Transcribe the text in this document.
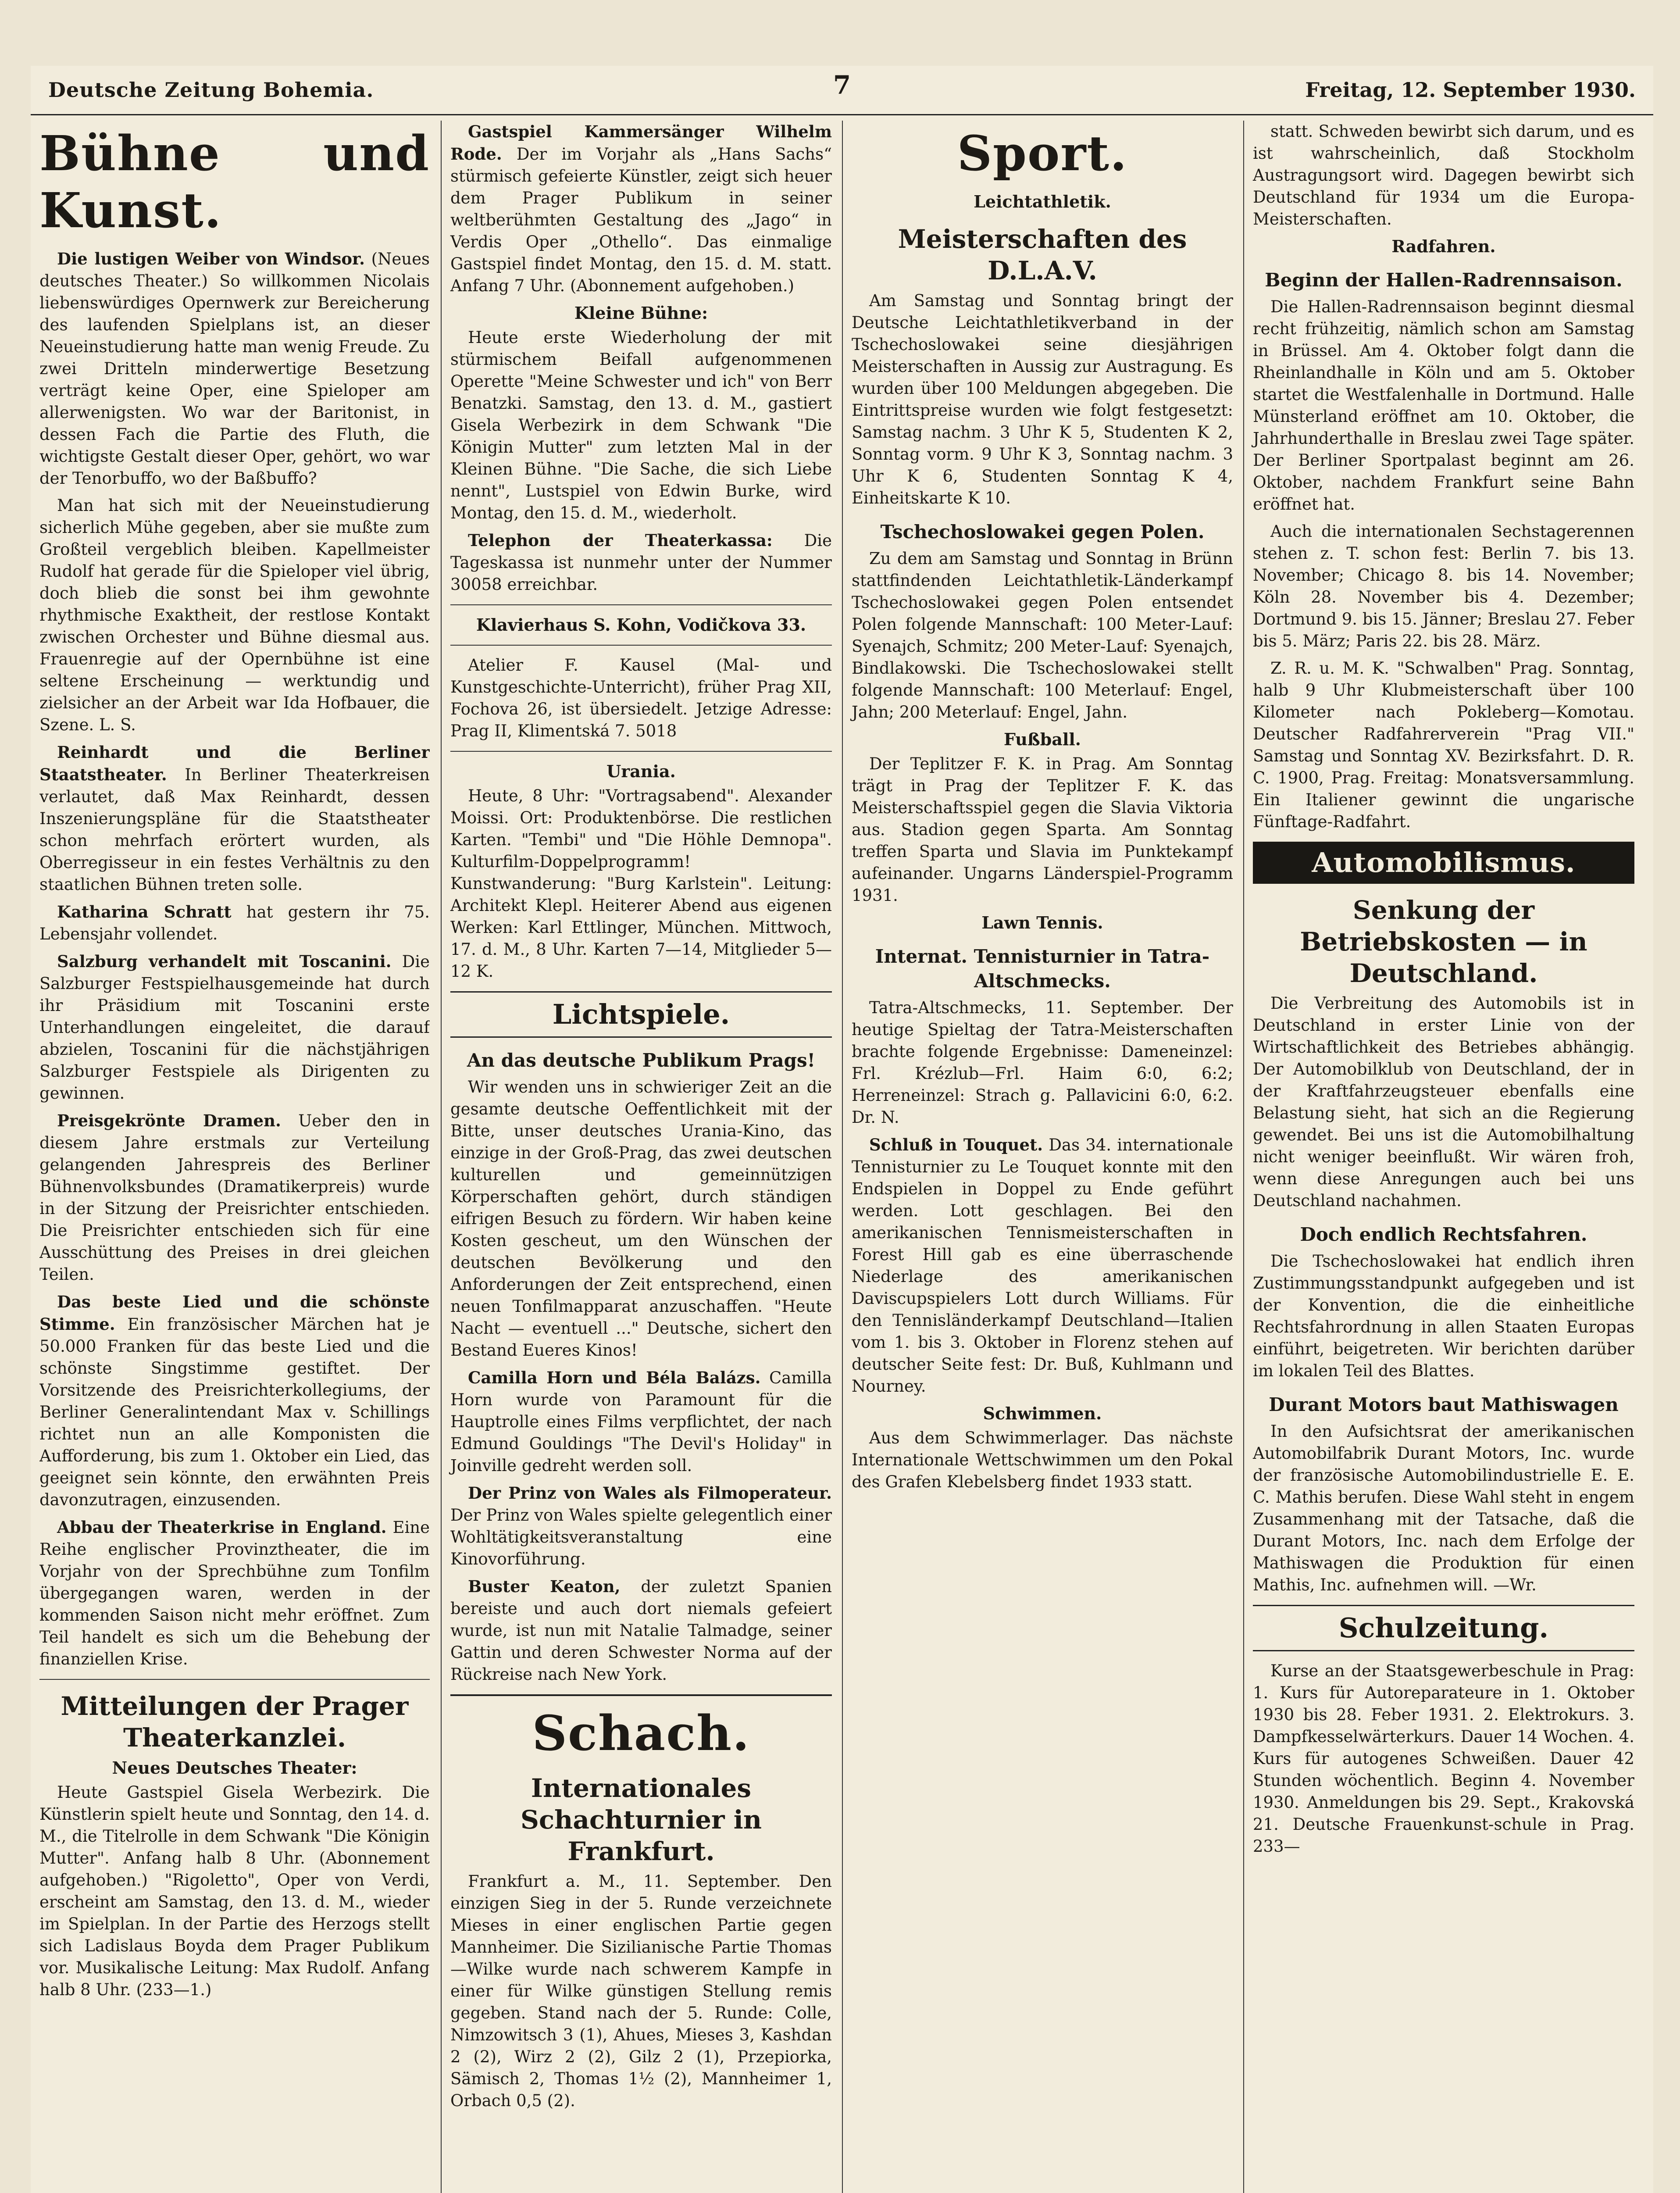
Deutsche Zeitung Bohemia.	7	Freitag, 12. September 1930.
Bühne und Kunst.

Die lustigen Weiber von Windsor. (Neues deutsches Theater.) So willkommen Nicolais liebenswürdiges Opernwerk zur Bereicherung des laufenden Spielplans ist, an dieser Neueinstudierung hatte man wenig Freude. Zu zwei Dritteln minderwertige Besetzung verträgt keine Oper, eine Spieloper am allerwenigsten. Wo war der Baritonist, in dessen Fach die Partie des Fluth, die wichtigste Gestalt dieser Oper, gehört, wo war der Tenorbuffo, wo der Baßbuffo?

Man hat sich mit der Neueinstudierung sicherlich Mühe gegeben, aber sie mußte zum Großteil vergeblich bleiben. Kapellmeister Rudolf hat gerade für die Spieloper viel übrig, doch blieb die sonst bei ihm gewohnte rhythmische Exaktheit, der restlose Kontakt zwischen Orchester und Bühne diesmal aus. Frauenregie auf der Opernbühne ist eine seltene Erscheinung — werktundig und zielsicher an der Arbeit war Ida Hofbauer, die Szene. L. S.

Reinhardt und die Berliner Staatstheater. In Berliner Theaterkreisen verlautet, daß Max Reinhardt, dessen Inszenierungspläne für die Staatstheater schon mehrfach erörtert wurden, als Oberregisseur in ein festes Verhältnis zu den staatlichen Bühnen treten solle.

Katharina Schratt hat gestern ihr 75. Lebensjahr vollendet.

Salzburg verhandelt mit Toscanini. Die Salzburger Festspielhausgemeinde hat durch ihr Präsidium mit Toscanini erste Unterhandlungen eingeleitet, die darauf abzielen, Toscanini für die nächstjährigen Salzburger Festspiele als Dirigenten zu gewinnen.

Preisgekrönte Dramen. Ueber den in diesem Jahre erstmals zur Verteilung gelangenden Jahrespreis des Berliner Bühnenvolksbundes (Dramatikerpreis) wurde in der Sitzung der Preisrichter entschieden. Die Preisrichter entschieden sich für eine Ausschüttung des Preises in drei gleichen Teilen.

Das beste Lied und die schönste Stimme. Ein französischer Märchen hat je 50.000 Franken für das beste Lied und die schönste Singstimme gestiftet. Der Vorsitzende des Preisrichterkollegiums, der Berliner Generalintendant Max v. Schillings richtet nun an alle Komponisten die Aufforderung, bis zum 1. Oktober ein Lied, das geeignet sein könnte, den erwähnten Preis davonzutragen, einzusenden.

Abbau der Theaterkrise in England. Eine Reihe englischer Provinztheater, die im Vorjahr von der Sprechbühne zum Tonfilm übergegangen waren, werden in der kommenden Saison nicht mehr eröffnet. Zum Teil handelt es sich um die Behebung der finanziellen Krise.

Mitteilungen der Prager Theaterkanzlei.
Neues Deutsches Theater:

Heute Gastspiel Gisela Werbezirk. Die Künstlerin spielt heute und Sonntag, den 14. d. M., die Titelrolle in dem Schwank "Die Königin Mutter". Anfang halb 8 Uhr. (Abonnement aufgehoben.) "Rigoletto", Oper von Verdi, erscheint am Samstag, den 13. d. M., wieder im Spielplan. In der Partie des Herzogs stellt sich Ladislaus Boyda dem Prager Publikum vor. Musikalische Leitung: Max Rudolf. Anfang halb 8 Uhr. (233—1.)

Gastspiel Kammersänger Wilhelm Rode. Der im Vorjahr als „Hans Sachs“ stürmisch gefeierte Künstler, zeigt sich heuer dem Prager Publikum in seiner weltberühmten Gestaltung des „Jago“ in Verdis Oper „Othello“. Das einmalige Gastspiel findet Montag, den 15. d. M. statt. Anfang 7 Uhr. (Abonnement aufgehoben.)

Kleine Bühne:

Heute erste Wiederholung der mit stürmischem Beifall aufgenommenen Operette "Meine Schwester und ich" von Berr Benatzki. Samstag, den 13. d. M., gastiert Gisela Werbezirk in dem Schwank "Die Königin Mutter" zum letzten Mal in der Kleinen Bühne. "Die Sache, die sich Liebe nennt", Lustspiel von Edwin Burke, wird Montag, den 15. d. M., wiederholt.

Telephon der Theaterkassa: Die Tageskassa ist nunmehr unter der Nummer 30058 erreichbar.

Klavierhaus S. Kohn, Vodičkova 33.

Atelier F. Kausel (Mal- und Kunstgeschichte-Unterricht), früher Prag XII, Fochova 26, ist übersiedelt. Jetzige Adresse: Prag II, Klimentská 7. 5018

Urania.

Heute, 8 Uhr: "Vortragsabend". Alexander Moissi. Ort: Produktenbörse. Die restlichen Karten. "Tembi" und "Die Höhle Demnopa". Kulturfilm-Doppelprogramm! Kunstwanderung: "Burg Karlstein". Leitung: Architekt Klepl. Heiterer Abend aus eigenen Werken: Karl Ettlinger, München. Mittwoch, 17. d. M., 8 Uhr. Karten 7—14, Mitglieder 5—12 K.

Lichtspiele.
An das deutsche Publikum Prags!

Wir wenden uns in schwieriger Zeit an die gesamte deutsche Oeffentlichkeit mit der Bitte, unser deutsches Urania-Kino, das einzige in der Groß-Prag, das zwei deutschen kulturellen und gemeinnützigen Körperschaften gehört, durch ständigen eifrigen Besuch zu fördern. Wir haben keine Kosten gescheut, um den Wünschen der deutschen Bevölkerung und den Anforderungen der Zeit entsprechend, einen neuen Tonfilmapparat anzuschaffen. "Heute Nacht — eventuell ..." Deutsche, sichert den Bestand Eueres Kinos!

Camilla Horn und Béla Balázs. Camilla Horn wurde von Paramount für die Hauptrolle eines Films verpflichtet, der nach Edmund Gouldings "The Devil's Holiday" in Joinville gedreht werden soll.

Der Prinz von Wales als Filmoperateur. Der Prinz von Wales spielte gelegentlich einer Wohltätigkeitsveranstaltung eine Kinovorführung.

Buster Keaton, der zuletzt Spanien bereiste und auch dort niemals gefeiert wurde, ist nun mit Natalie Talmadge, seiner Gattin und deren Schwester Norma auf der Rückreise nach New York.

Schach.
Internationales Schachturnier in Frankfurt.

Frankfurt a. M., 11. September. Den einzigen Sieg in der 5. Runde verzeichnete Mieses in einer englischen Partie gegen Mannheimer. Die Sizilianische Partie Thomas—Wilke wurde nach schwerem Kampfe in einer für Wilke günstigen Stellung remis gegeben. Stand nach der 5. Runde: Colle, Nimzowitsch 3 (1), Ahues, Mieses 3, Kashdan 2 (2), Wirz 2 (2), Gilz 2 (1), Przepiorka, Sämisch 2, Thomas 1½ (2), Mannheimer 1, Orbach 0,5 (2).

Sport.
Leichtathletik.
Meisterschaften des D.L.A.V.

Am Samstag und Sonntag bringt der Deutsche Leichtathletikverband in der Tschechoslowakei seine diesjährigen Meisterschaften in Aussig zur Austragung. Es wurden über 100 Meldungen abgegeben. Die Eintrittspreise wurden wie folgt festgesetzt: Samstag nachm. 3 Uhr K 5, Studenten K 2, Sonntag vorm. 9 Uhr K 3, Sonntag nachm. 3 Uhr K 6, Studenten Sonntag K 4, Einheitskarte K 10.

Tschechoslowakei gegen Polen.

Zu dem am Samstag und Sonntag in Brünn stattfindenden Leichtathletik-Länderkampf Tschechoslowakei gegen Polen entsendet Polen folgende Mannschaft: 100 Meter-Lauf: Syenajch, Schmitz; 200 Meter-Lauf: Syenajch, Bindlakowski. Die Tschechoslowakei stellt folgende Mannschaft: 100 Meterlauf: Engel, Jahn; 200 Meterlauf: Engel, Jahn.

Fußball.

Der Teplitzer F. K. in Prag. Am Sonntag trägt in Prag der Teplitzer F. K. das Meisterschaftsspiel gegen die Slavia Viktoria aus. Stadion gegen Sparta. Am Sonntag treffen Sparta und Slavia im Punktekampf aufeinander. Ungarns Länderspiel-Programm 1931.

Lawn Tennis.
Internat. Tennisturnier in Tatra-Altschmecks.

Tatra-Altschmecks, 11. September. Der heutige Spieltag der Tatra-Meisterschaften brachte folgende Ergebnisse: Dameneinzel: Frl. Krézlub—Frl. Haim 6:0, 6:2; Herreneinzel: Strach g. Pallavicini 6:0, 6:2. Dr. N.

Schluß in Touquet. Das 34. internationale Tennisturnier zu Le Touquet konnte mit den Endspielen in Doppel zu Ende geführt werden. Lott geschlagen. Bei den amerikanischen Tennismeisterschaften in Forest Hill gab es eine überraschende Niederlage des amerikanischen Daviscupspielers Lott durch Williams. Für den Tennisländerkampf Deutschland—Italien vom 1. bis 3. Oktober in Florenz stehen auf deutscher Seite fest: Dr. Buß, Kuhlmann und Nourney.

Schwimmen.

Aus dem Schwimmerlager. Das nächste Internationale Wettschwimmen um den Pokal des Grafen Klebelsberg findet 1933 statt.

statt. Schweden bewirbt sich darum, und es ist wahrscheinlich, daß Stockholm Austragungsort wird. Dagegen bewirbt sich Deutschland für 1934 um die Europa-Meisterschaften.

Radfahren.
Beginn der Hallen-Radrennsaison.

Die Hallen-Radrennsaison beginnt diesmal recht frühzeitig, nämlich schon am Samstag in Brüssel. Am 4. Oktober folgt dann die Rheinlandhalle in Köln und am 5. Oktober startet die Westfalenhalle in Dortmund. Halle Münsterland eröffnet am 10. Oktober, die Jahrhunderthalle in Breslau zwei Tage später. Der Berliner Sportpalast beginnt am 26. Oktober, nachdem Frankfurt seine Bahn eröffnet hat.

Auch die internationalen Sechstagerennen stehen z. T. schon fest: Berlin 7. bis 13. November; Chicago 8. bis 14. November; Köln 28. November bis 4. Dezember; Dortmund 9. bis 15. Jänner; Breslau 27. Feber bis 5. März; Paris 22. bis 28. März.

Z. R. u. M. K. "Schwalben" Prag. Sonntag, halb 9 Uhr Klubmeisterschaft über 100 Kilometer nach Pokleberg—Komotau. Deutscher Radfahrerverein "Prag VII." Samstag und Sonntag XV. Bezirksfahrt. D. R. C. 1900, Prag. Freitag: Monatsversammlung. Ein Italiener gewinnt die ungarische Fünftage-Radfahrt.

Automobilismus.
Senkung der Betriebskosten — in Deutschland.

Die Verbreitung des Automobils ist in Deutschland in erster Linie von der Wirtschaftlichkeit des Betriebes abhängig. Der Automobilklub von Deutschland, der in der Kraftfahrzeugsteuer ebenfalls eine Belastung sieht, hat sich an die Regierung gewendet. Bei uns ist die Automobilhaltung nicht weniger beeinflußt. Wir wären froh, wenn diese Anregungen auch bei uns Deutschland nachahmen.

Doch endlich Rechtsfahren.

Die Tschechoslowakei hat endlich ihren Zustimmungsstandpunkt aufgegeben und ist der Konvention, die die einheitliche Rechtsfahrordnung in allen Staaten Europas einführt, beigetreten. Wir berichten darüber im lokalen Teil des Blattes.

Durant Motors baut Mathiswagen

In den Aufsichtsrat der amerikanischen Automobilfabrik Durant Motors, Inc. wurde der französische Automobilindustrielle E. E. C. Mathis berufen. Diese Wahl steht in engem Zusammenhang mit der Tatsache, daß die Durant Motors, Inc. nach dem Erfolge der Mathiswagen die Produktion für einen Mathis, Inc. aufnehmen will. —Wr.

Schulzeitung.

Kurse an der Staatsgewerbeschule in Prag: 1. Kurs für Autoreparateure in 1. Oktober 1930 bis 28. Feber 1931. 2. Elektrokurs. 3. Dampfkesselwärterkurs. Dauer 14 Wochen. 4. Kurs für autogenes Schweißen. Dauer 42 Stunden wöchentlich. Beginn 4. November 1930. Anmeldungen bis 29. Sept., Krakovská 21. Deutsche Frauenkunst-schule in Prag. 233—
